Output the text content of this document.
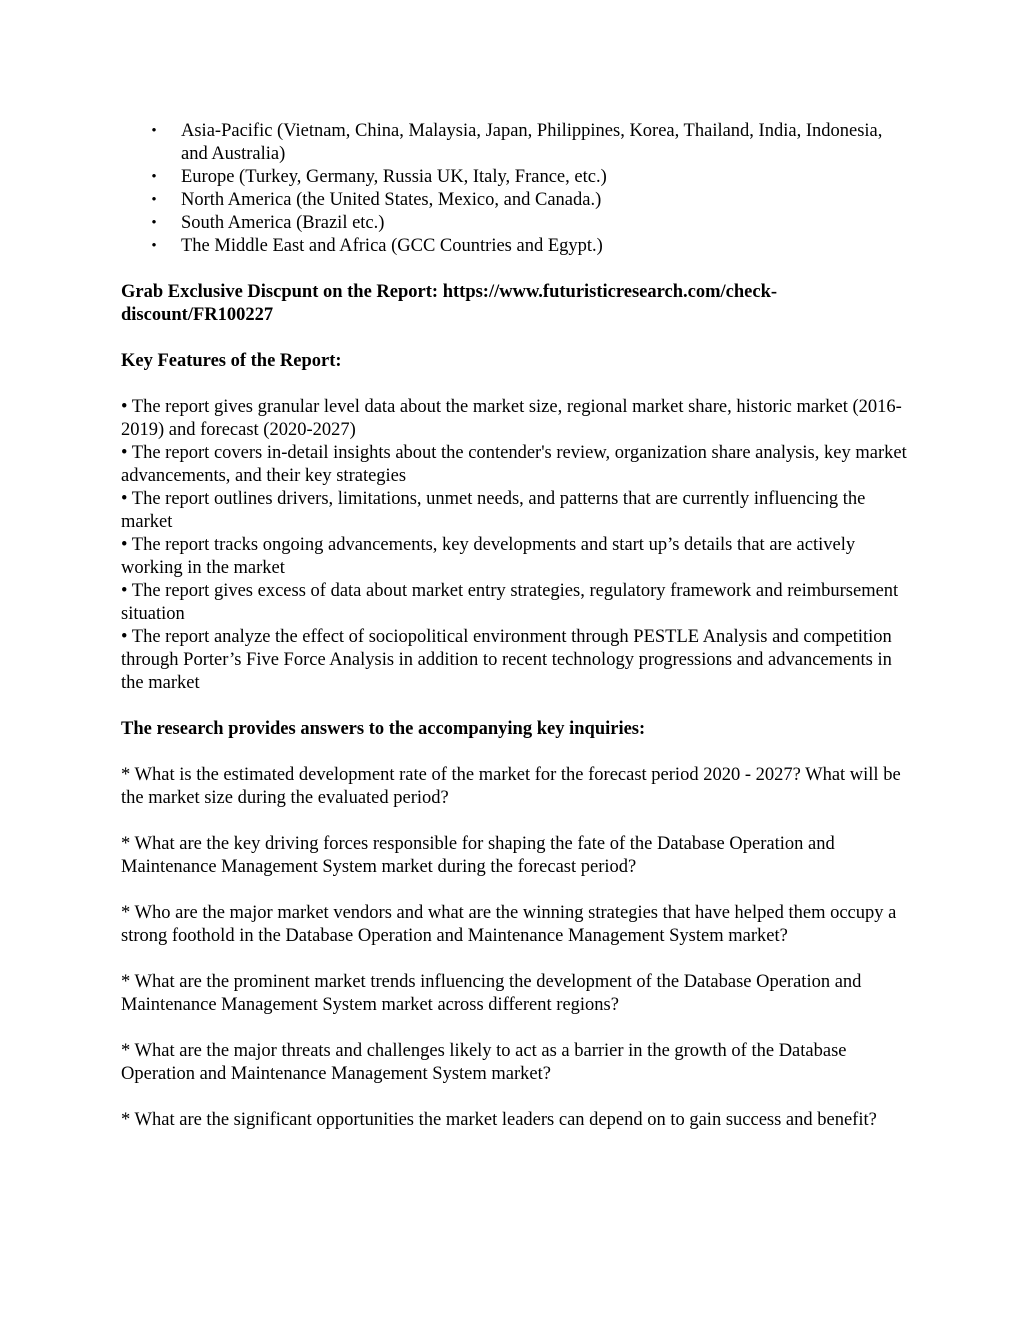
• Asia-Pacific (Vietnam, China, Malaysia, Japan, Philippines, Korea, Thailand, India, Indonesia, and Australia)
• Europe (Turkey, Germany, Russia UK, Italy, France, etc.)
• North America (the United States, Mexico, and Canada.)
• South America (Brazil etc.)
• The Middle East and Africa (GCC Countries and Egypt.)

Grab Exclusive Discpunt on the Report: https://www.futuristicresearch.com/check-
discount/FR100227

Key Features of the Report:

• The report gives granular level data about the market size, regional market share, historic market (2016-2019) and forecast (2020-2027)

• The report covers in-detail insights about the contender's review, organization share analysis, key market advancements, and their key strategies

• The report outlines drivers, limitations, unmet needs, and patterns that are currently influencing the market

• The report tracks ongoing advancements, key developments and start up’s details that are actively working in the market

• The report gives excess of data about market entry strategies, regulatory framework and reimbursement situation

• The report analyze the effect of sociopolitical environment through PESTLE Analysis and competition through Porter’s Five Force Analysis in addition to recent technology progressions and advancements in the market

The research provides answers to the accompanying key inquiries:

* What is the estimated development rate of the market for the forecast period 2020 - 2027? What will be the market size during the evaluated period?

* What are the key driving forces responsible for shaping the fate of the Database Operation and Maintenance Management System market during the forecast period?

* Who are the major market vendors and what are the winning strategies that have helped them occupy a strong foothold in the Database Operation and Maintenance Management System market?

* What are the prominent market trends influencing the development of the Database Operation and Maintenance Management System market across different regions?

* What are the major threats and challenges likely to act as a barrier in the growth of the Database Operation and Maintenance Management System market?

* What are the significant opportunities the market leaders can depend on to gain success and benefit?
